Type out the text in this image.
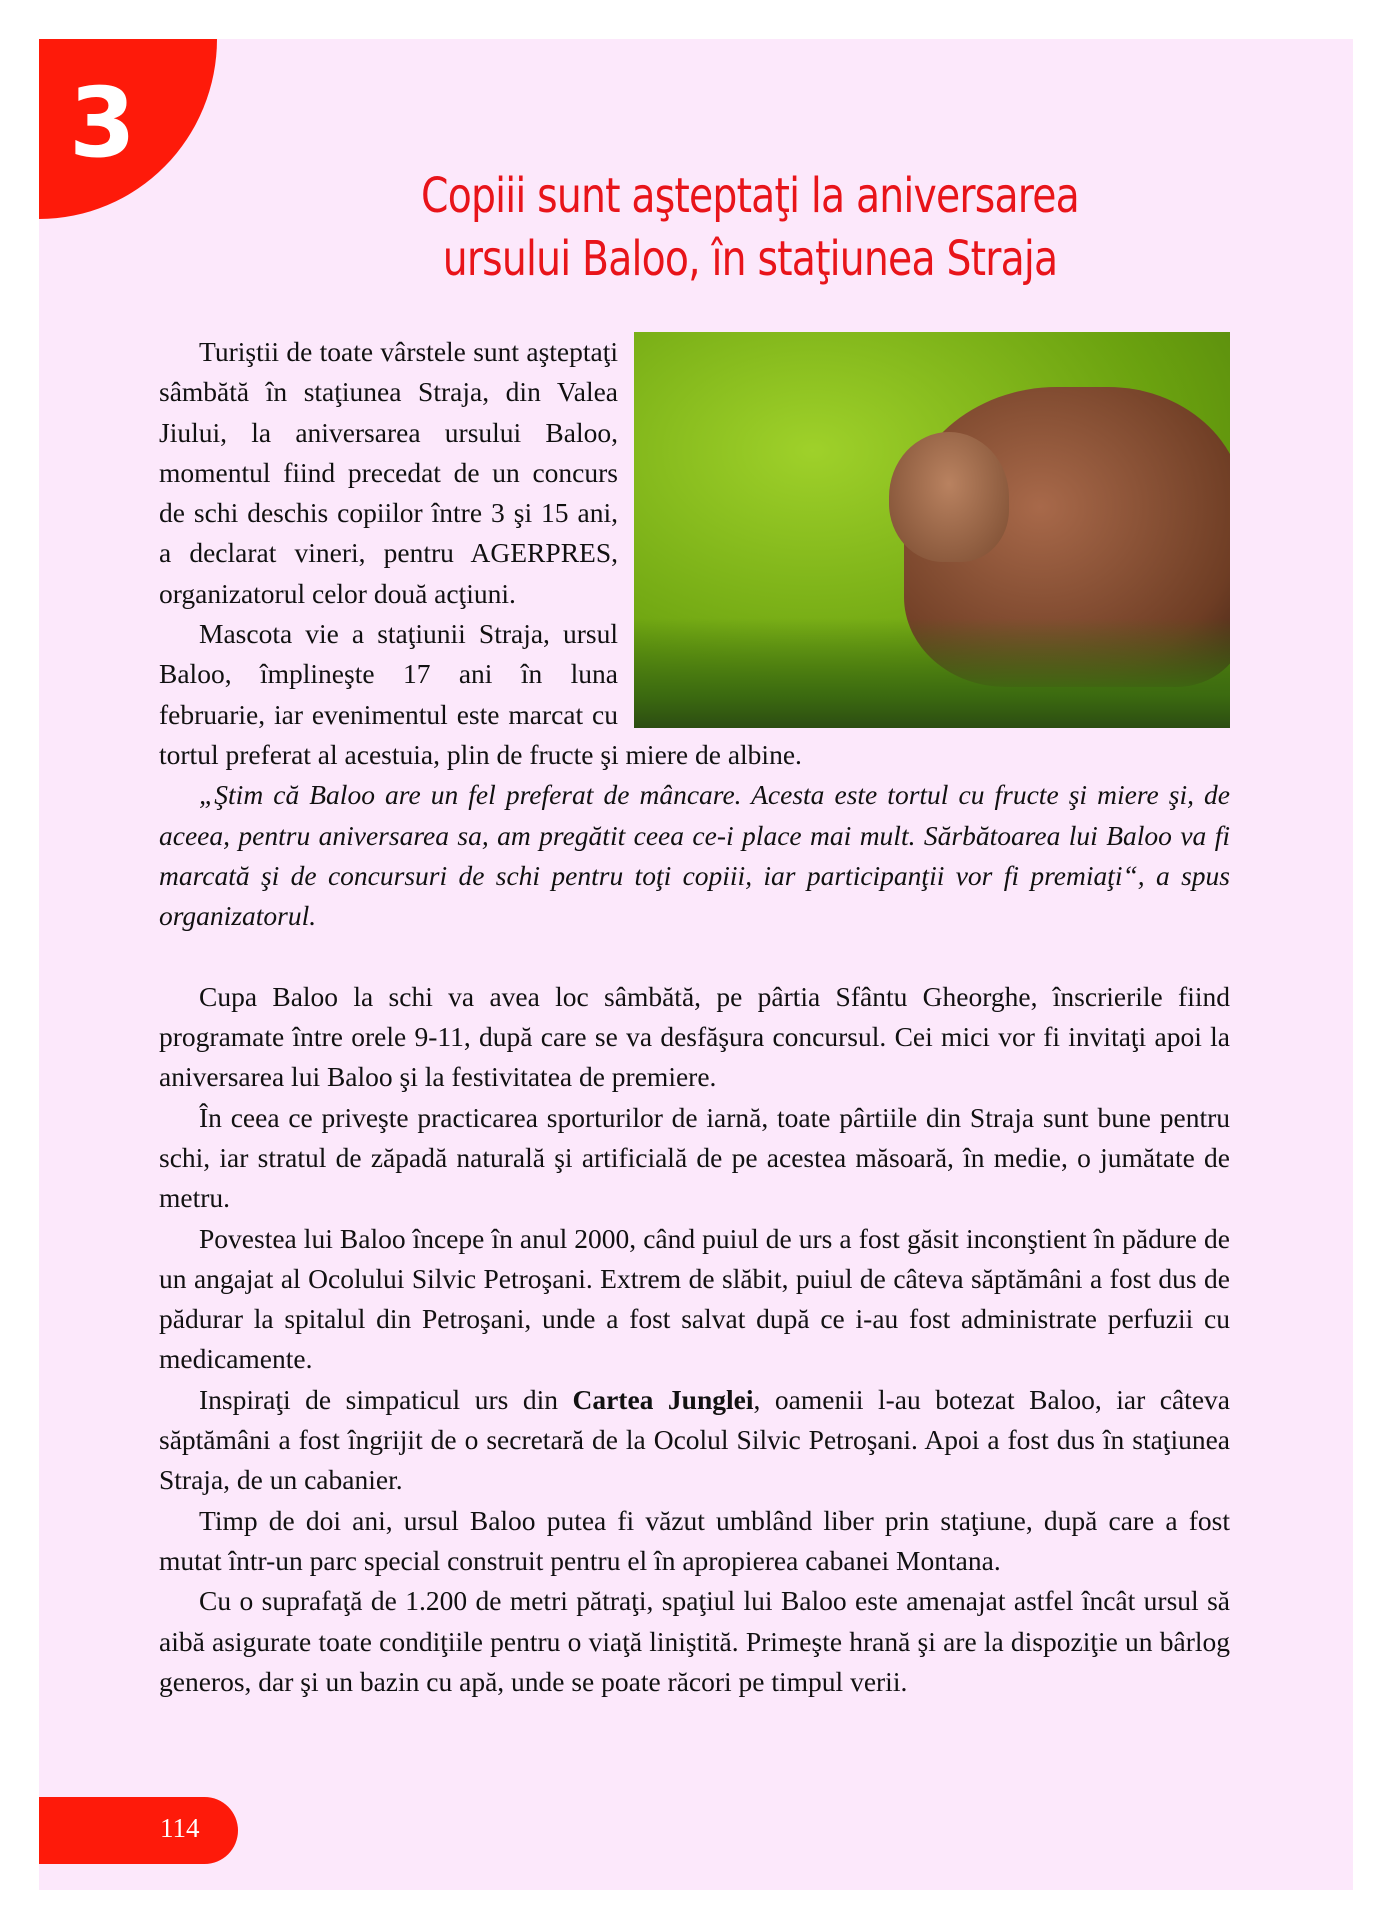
3
Copiii sunt aşteptaţi la aniversarea
ursului Baloo, în staţiunea Straja

Turiştii de toate vârstele sunt aşteptaţi sâmbătă în staţiunea Straja, din Valea Jiului, la aniversarea ursului Baloo, momentul fiind precedat de un concurs de schi deschis copiilor între 3 şi 15 ani, a declarat vineri, pentru AGERPRES, organizatorul celor două acţiuni.

Mascota vie a staţiunii Straja, ursul Baloo, împlineşte 17 ani în luna februarie, iar evenimentul este marcat cu tortul preferat al acestuia, plin de fructe şi miere de albine.

„Ştim că Baloo are un fel preferat de mâncare. Acesta este tortul cu fructe şi miere şi, de aceea, pentru aniversarea sa, am pregătit ceea ce-i place mai mult. Sărbătoarea lui Baloo va fi marcată şi de concursuri de schi pentru toţi copiii, iar participanţii vor fi premiaţi“, a spus organizatorul.

Cupa Baloo la schi va avea loc sâmbătă, pe pârtia Sfântu Gheorghe, înscrierile fiind programate între orele 9-11, după care se va desfăşura concursul. Cei mici vor fi invitaţi apoi la aniversarea lui Baloo şi la festivitatea de premiere.

În ceea ce priveşte practicarea sporturilor de iarnă, toate pârtiile din Straja sunt bune pentru schi, iar stratul de zăpadă naturală şi artificială de pe acestea măsoară, în medie, o jumătate de metru.

Povestea lui Baloo începe în anul 2000, când puiul de urs a fost găsit inconştient în pădure de un angajat al Ocolului Silvic Petroşani. Extrem de slăbit, puiul de câteva săptămâni a fost dus de pădurar la spitalul din Petroşani, unde a fost salvat după ce i-au fost administrate perfuzii cu medicamente.

Inspiraţi de simpaticul urs din Cartea Junglei, oamenii l-au botezat Baloo, iar câteva săptămâni a fost îngrijit de o secretară de la Ocolul Silvic Petroşani. Apoi a fost dus în staţiunea Straja, de un cabanier.

Timp de doi ani, ursul Baloo putea fi văzut umblând liber prin staţiune, după care a fost mutat într-un parc special construit pentru el în apropierea cabanei Montana.

Cu o suprafaţă de 1.200 de metri pătraţi, spaţiul lui Baloo este amenajat astfel încât ursul să aibă asigurate toate condiţiile pentru o viaţă liniştită. Primeşte hrană şi are la dispoziţie un bârlog generos, dar şi un bazin cu apă, unde se poate răcori pe timpul verii.

114
